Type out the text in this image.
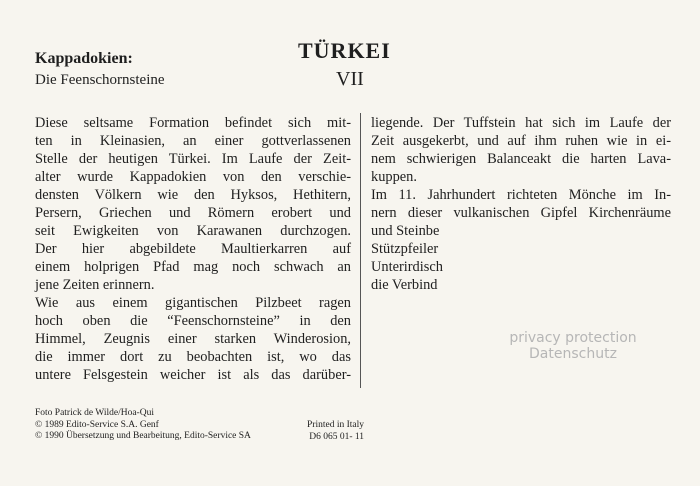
Kappadokien:
Die Feenschornsteine
TÜRKEI
VII
Diese seltsame Formation befindet sich mit-
ten in Kleinasien, an einer gottverlassenen
Stelle der heutigen Türkei. Im Laufe der Zeit-
alter wurde Kappadokien von den verschie-
densten Völkern wie den Hyksos, Hethitern,
Persern, Griechen und Römern erobert und
seit Ewigkeiten von Karawanen durchzogen.
Der hier abgebildete Maultierkarren auf
einem holprigen Pfad mag noch schwach an
jene Zeiten erinnern.
Wie aus einem gigantischen Pilzbeet ragen
hoch oben die “Feenschornsteine” in den
Himmel, Zeugnis einer starken Winderosion,
die immer dort zu beobachten ist, wo das
untere Felsgestein weicher ist als das darüber-
liegende. Der Tuffstein hat sich im Laufe der
Zeit ausgekerbt, und auf ihm ruhen wie in ei-
nem schwierigen Balanceakt die harten Lava-
kuppen.
Im 11. Jahrhundert richteten Mönche im In-
nern dieser vulkanischen Gipfel Kirchenräume
und Steinbe
Stützpfeiler
Unterirdisch
die Verbind
privacy protection
Datenschutz
Foto Patrick de Wilde/Hoa-Qui
© 1989 Edito-Service S.A. Genf
© 1990 Übersetzung und Bearbeitung, Edito-Service SA
Printed in Italy
D6 065 01- 11
